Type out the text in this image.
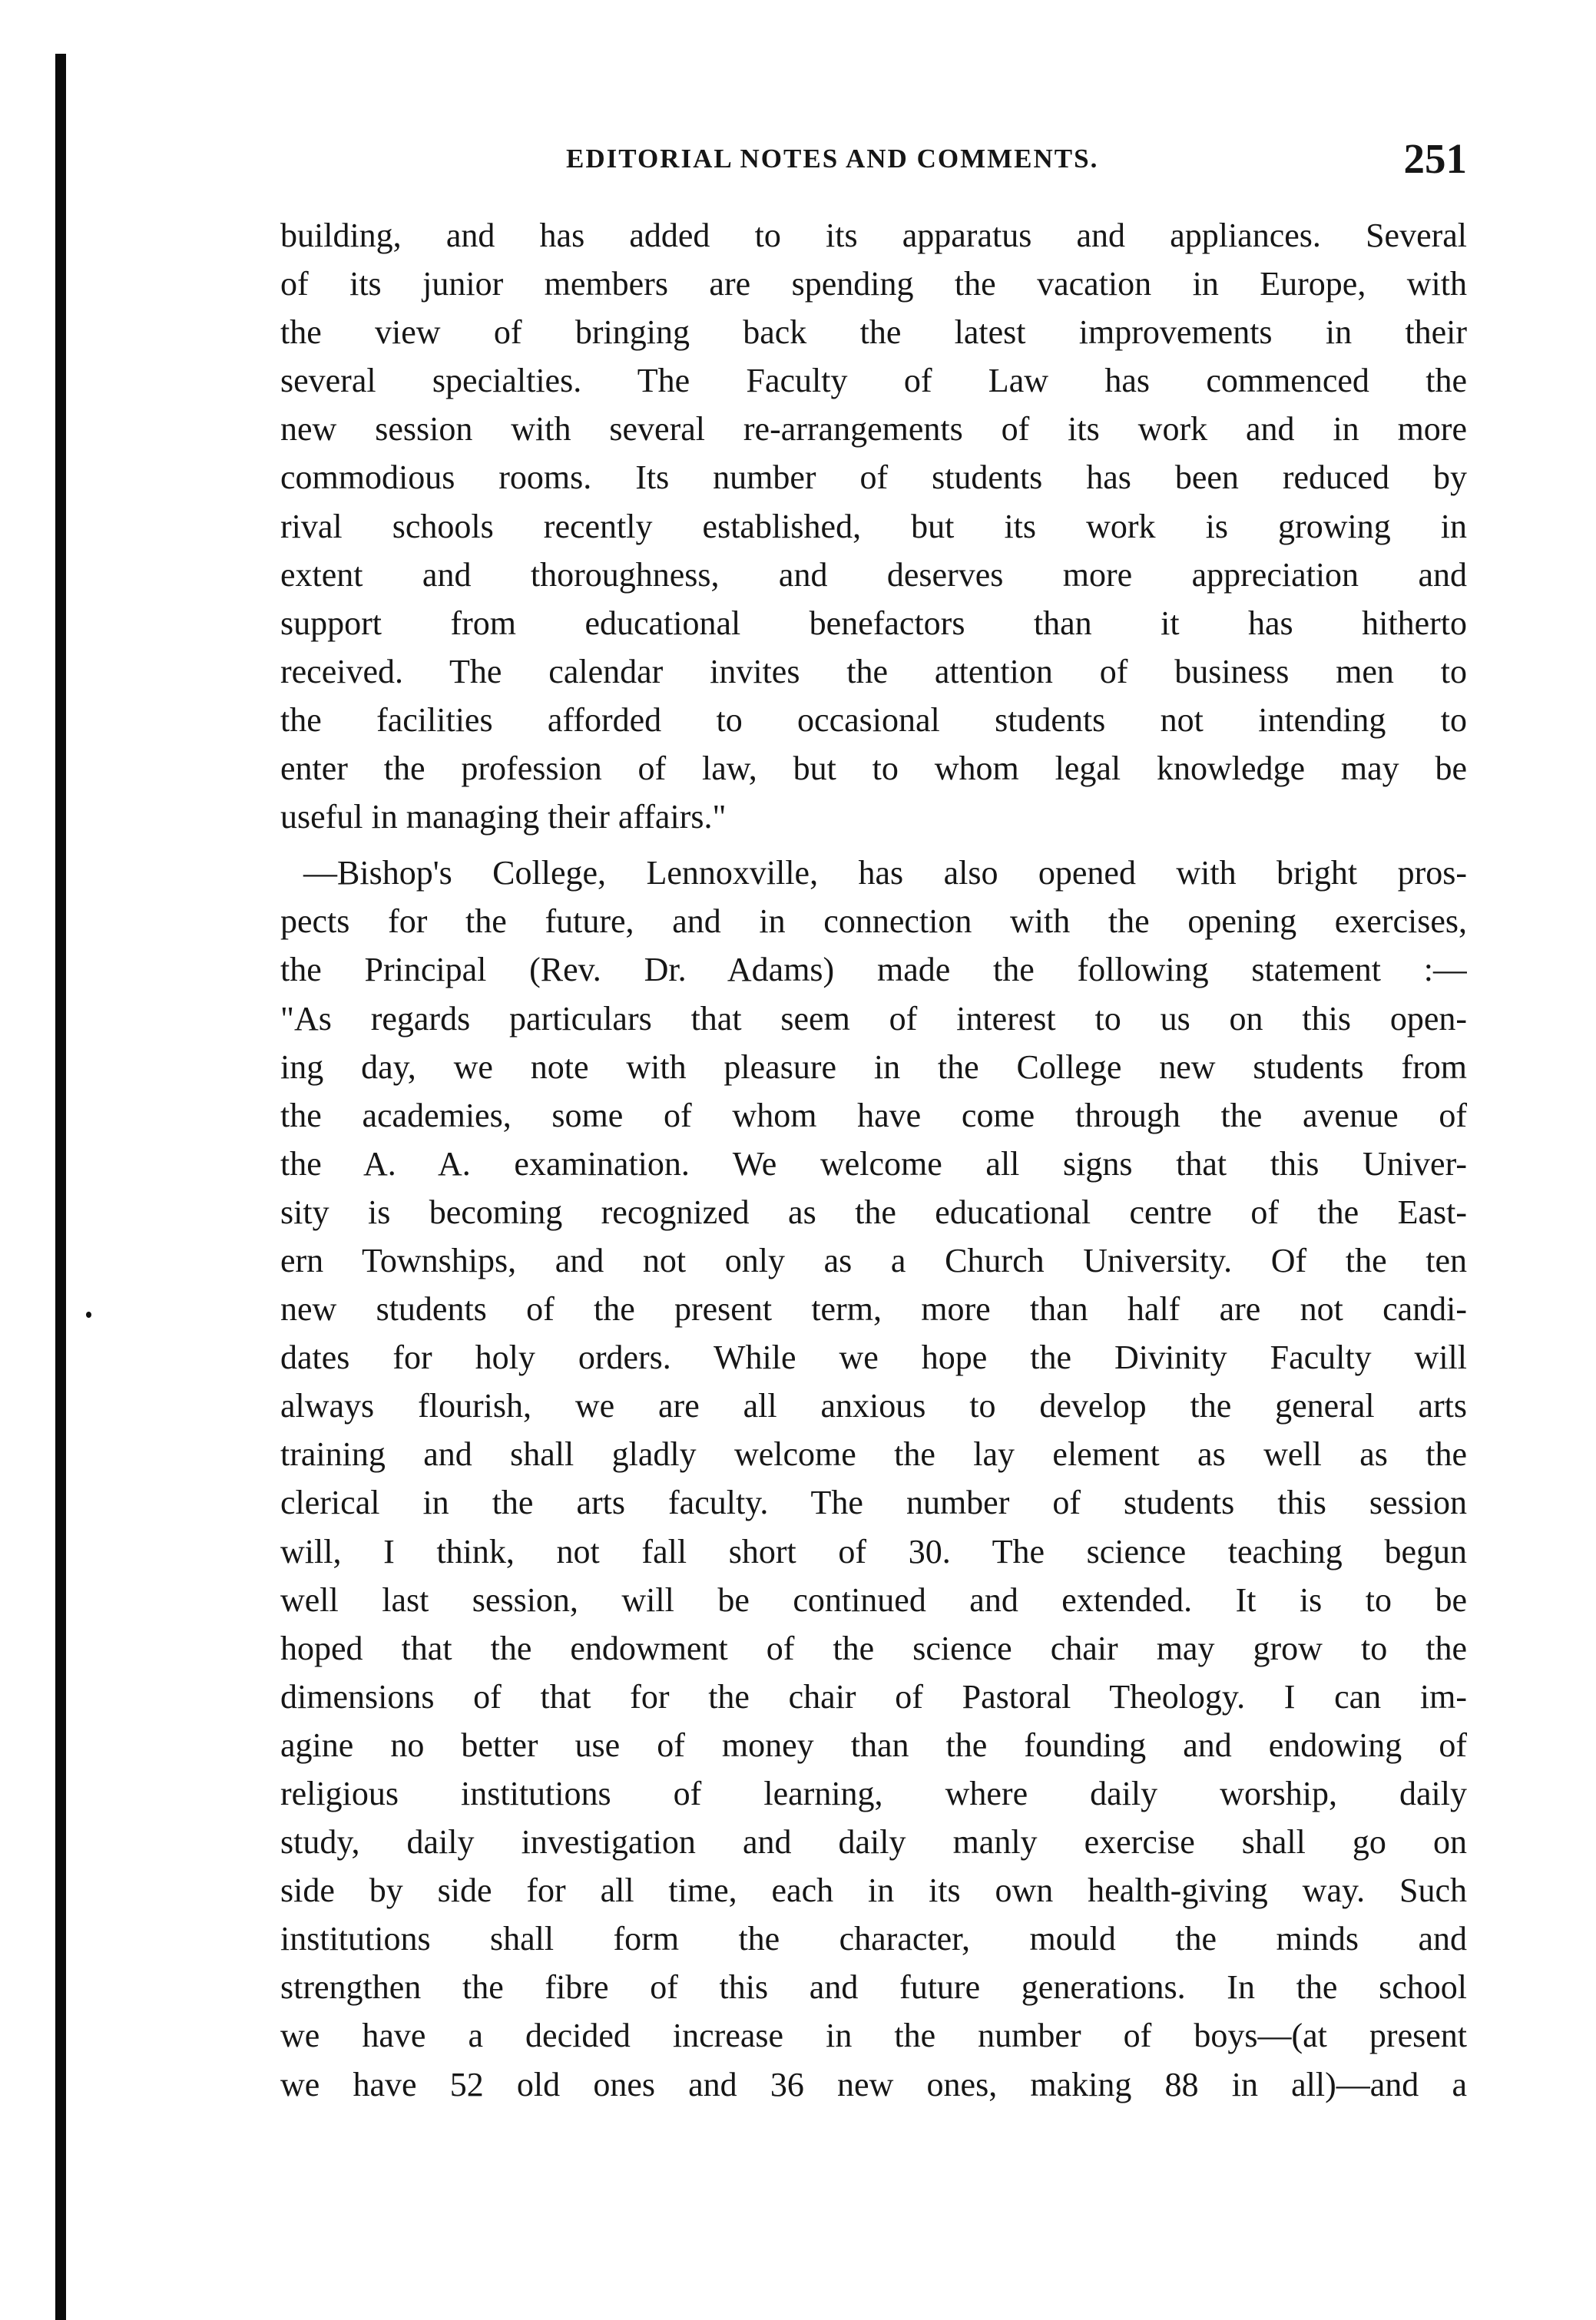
EDITORIAL NOTES AND COMMENTS.	251
building, and has added to its apparatus and appliances. Several
of its junior members are spending the vacation in Europe, with
the view of bringing back the latest improvements in their
several specialties. The Faculty of Law has commenced the
new session with several re-arrangements of its work and in more
commodious rooms. Its number of students has been reduced by
rival schools recently established, but its work is growing in
extent and thoroughness, and deserves more appreciation and
support from educational benefactors than it has hitherto
received. The calendar invites the attention of business men to
the facilities afforded to occasional students not intending to
enter the profession of law, but to whom legal knowledge may be
useful in managing their affairs."
—Bishop's College, Lennoxville, has also opened with bright pros-
pects for the future, and in connection with the opening exercises,
the Principal (Rev. Dr. Adams) made the following statement :—
"As regards particulars that seem of interest to us on this open-
ing day, we note with pleasure in the College new students from
the academies, some of whom have come through the avenue of
the A. A. examination. We welcome all signs that this Univer-
sity is becoming recognized as the educational centre of the East-
ern Townships, and not only as a Church University. Of the ten
new students of the present term, more than half are not candi-
dates for holy orders. While we hope the Divinity Faculty will
always flourish, we are all anxious to develop the general arts
training and shall gladly welcome the lay element as well as the
clerical in the arts faculty. The number of students this session
will, I think, not fall short of 30. The science teaching begun
well last session, will be continued and extended. It is to be
hoped that the endowment of the science chair may grow to the
dimensions of that for the chair of Pastoral Theology. I can im-
agine no better use of money than the founding and endowing of
religious institutions of learning, where daily worship, daily
study, daily investigation and daily manly exercise shall go on
side by side for all time, each in its own health-giving way. Such
institutions shall form the character, mould the minds and
strengthen the fibre of this and future generations. In the school
we have a decided increase in the number of boys—(at present
we have 52 old ones and 36 new ones, making 88 in all)—and a
